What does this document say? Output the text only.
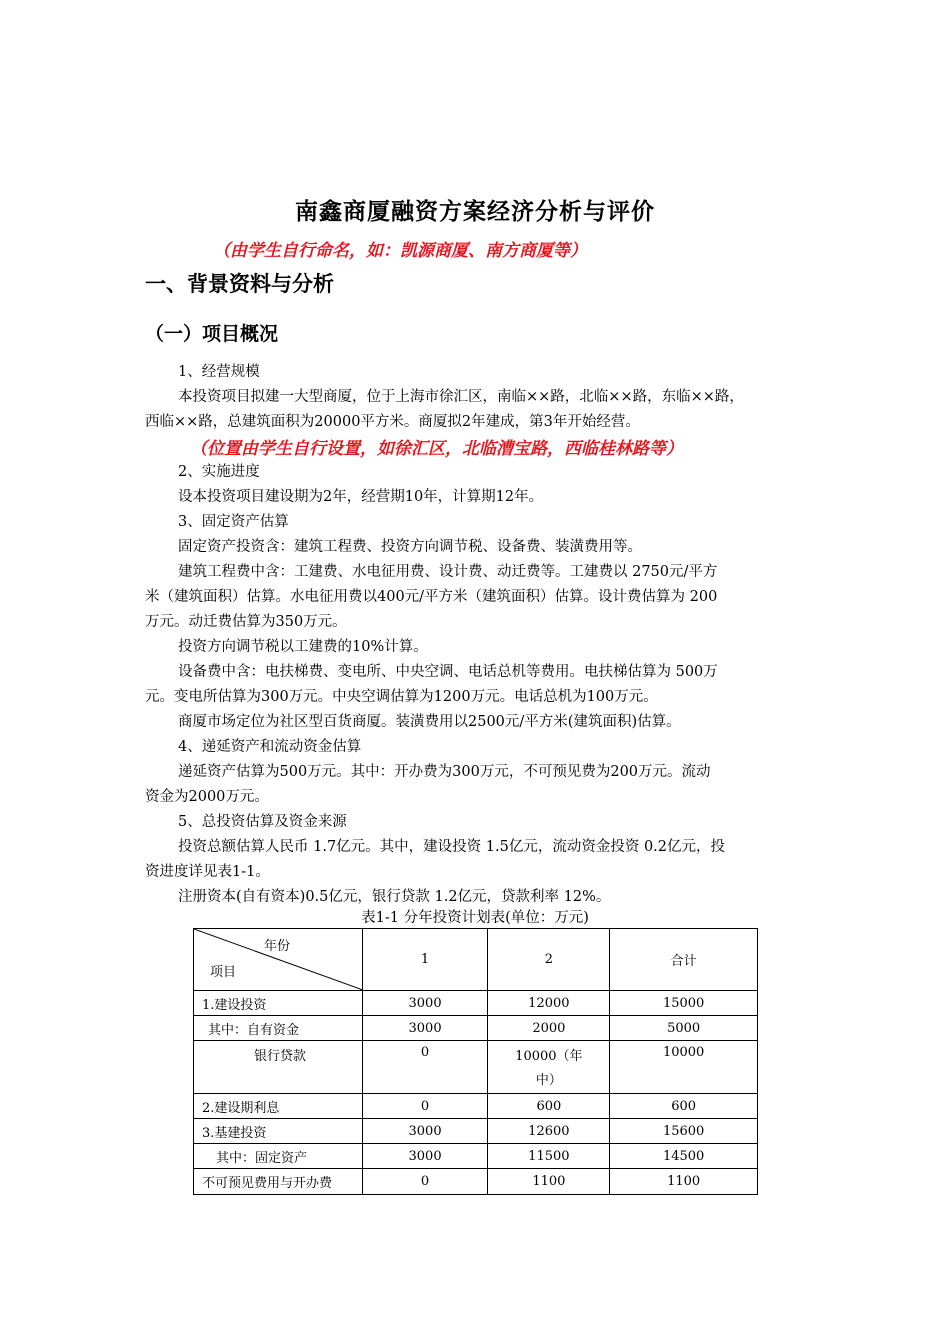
南鑫商厦融资方案经济分析与评价
（由学生自行命名，如：凯源商厦、南方商厦等）
一、背景资料与分析
（一）项目概况
1、经营规模
本投资项目拟建一大型商厦，位于上海市徐汇区，南临××路，北临××路，东临××路，
西临××路，总建筑面积为20000平方米。商厦拟2年建成，第3年开始经营。
（位置由学生自行设置，如徐汇区，北临漕宝路，西临桂林路等）
2、实施进度
设本投资项目建设期为2年，经营期10年，计算期12年。
3、固定资产估算
固定资产投资含：建筑工程费、投资方向调节税、设备费、装潢费用等。
建筑工程费中含：工建费、水电征用费、设计费、动迁费等。工建费以 2750元/平方
米（建筑面积）估算。水电征用费以400元/平方米（建筑面积）估算。设计费估算为 200
万元。动迁费估算为350万元。
投资方向调节税以工建费的10%计算。
设备费中含：电扶梯费、变电所、中央空调、电话总机等费用。电扶梯估算为 500万
元。变电所估算为300万元。中央空调估算为1200万元。电话总机为100万元。
商厦市场定位为社区型百货商厦。装潢费用以2500元/平方米(建筑面积)估算。
4、递延资产和流动资金估算
递延资产估算为500万元。其中：开办费为300万元，不可预见费为200万元。流动
资金为2000万元。
5、总投资估算及资金来源
投资总额估算人民币 1.7亿元。其中，建设投资 1.5亿元，流动资金投资 0.2亿元，投
资进度详见表1-1。
注册资本(自有资本)0.5亿元，银行贷款 1.2亿元，贷款利率 12%。
表1-1 分年投资计划表(单位：万元)
年份
项目	1	2	合计
1.建设投资	3000	12000	15000
其中：自有资金	3000	2000	5000
银行贷款	0	10000（年中）	10000
2.建设期利息	0	600	600
3.基建投资	3000	12600	15600
其中：固定资产	3000	11500	14500
不可预见费用与开办费	0	1100	1100
